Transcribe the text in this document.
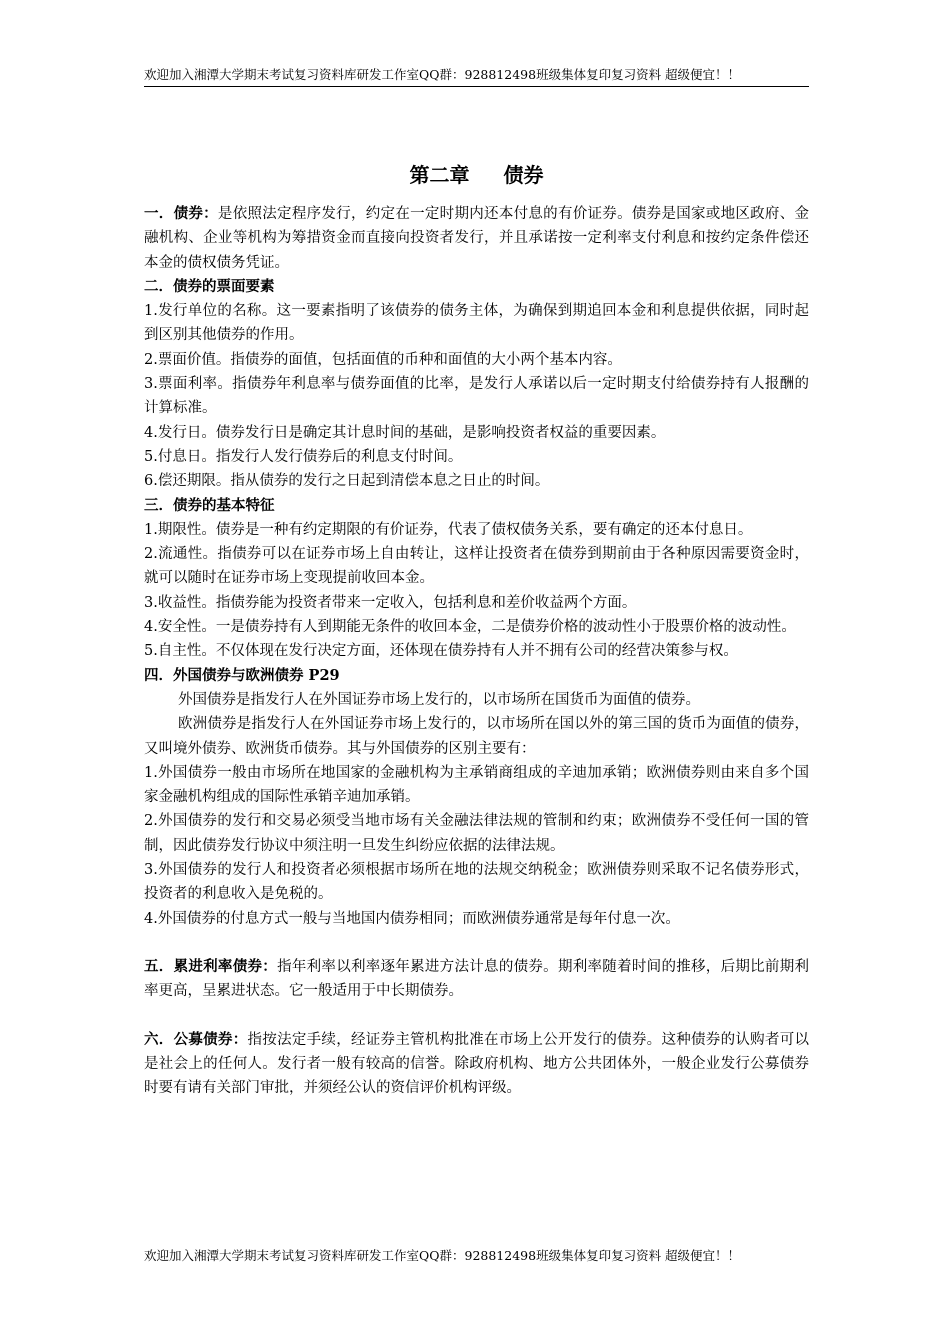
欢迎加入湘潭大学期末考试复习资料库研发工作室QQ群：928812498班级集体复印复习资料 超级便宜！！
第二章 债券

一．债券：是依照法定程序发行，约定在一定时期内还本付息的有价证券。债券是国家或地区政府、金融机构、企业等机构为筹措资金而直接向投资者发行，并且承诺按一定利率支付利息和按约定条件偿还本金的债权债务凭证。

二．债券的票面要素

1.发行单位的名称。这一要素指明了该债券的债务主体，为确保到期追回本金和利息提供依据，同时起到区别其他债券的作用。

2.票面价值。指债券的面值，包括面值的币种和面值的大小两个基本内容。

3.票面利率。指债券年利息率与债券面值的比率，是发行人承诺以后一定时期支付给债券持有人报酬的计算标准。

4.发行日。债券发行日是确定其计息时间的基础，是影响投资者权益的重要因素。

5.付息日。指发行人发行债券后的利息支付时间。

6.偿还期限。指从债券的发行之日起到清偿本息之日止的时间。

三．债券的基本特征

1.期限性。债券是一种有约定期限的有价证券，代表了债权债务关系，要有确定的还本付息日。

2.流通性。指债券可以在证券市场上自由转让，这样让投资者在债券到期前由于各种原因需要资金时，就可以随时在证券市场上变现提前收回本金。

3.收益性。指债券能为投资者带来一定收入，包括利息和差价收益两个方面。

4.安全性。一是债券持有人到期能无条件的收回本金，二是债券价格的波动性小于股票价格的波动性。

5.自主性。不仅体现在发行决定方面，还体现在债券持有人并不拥有公司的经营决策参与权。

四．外国债券与欧洲债券 P29

外国债券是指发行人在外国证券市场上发行的，以市场所在国货币为面值的债券。

欧洲债券是指发行人在外国证券市场上发行的，以市场所在国以外的第三国的货币为面值的债券，又叫境外债券、欧洲货币债券。其与外国债券的区别主要有：

1.外国债券一般由市场所在地国家的金融机构为主承销商组成的辛迪加承销；欧洲债券则由来自多个国家金融机构组成的国际性承销辛迪加承销。

2.外国债券的发行和交易必须受当地市场有关金融法律法规的管制和约束；欧洲债券不受任何一国的管制，因此债券发行协议中须注明一旦发生纠纷应依据的法律法规。

3.外国债券的发行人和投资者必须根据市场所在地的法规交纳税金；欧洲债券则采取不记名债券形式，投资者的利息收入是免税的。

4.外国债券的付息方式一般与当地国内债券相同；而欧洲债券通常是每年付息一次。

五．累进利率债券：指年利率以利率逐年累进方法计息的债券。期利率随着时间的推移，后期比前期利率更高，呈累进状态。它一般适用于中长期债券。

六．公募债券：指按法定手续，经证券主管机构批准在市场上公开发行的债券。这种债券的认购者可以是社会上的任何人。发行者一般有较高的信誉。除政府机构、地方公共团体外，一般企业发行公募债券时要有请有关部门审批，并须经公认的资信评价机构评级。

欢迎加入湘潭大学期末考试复习资料库研发工作室QQ群：928812498班级集体复印复习资料 超级便宜！！
